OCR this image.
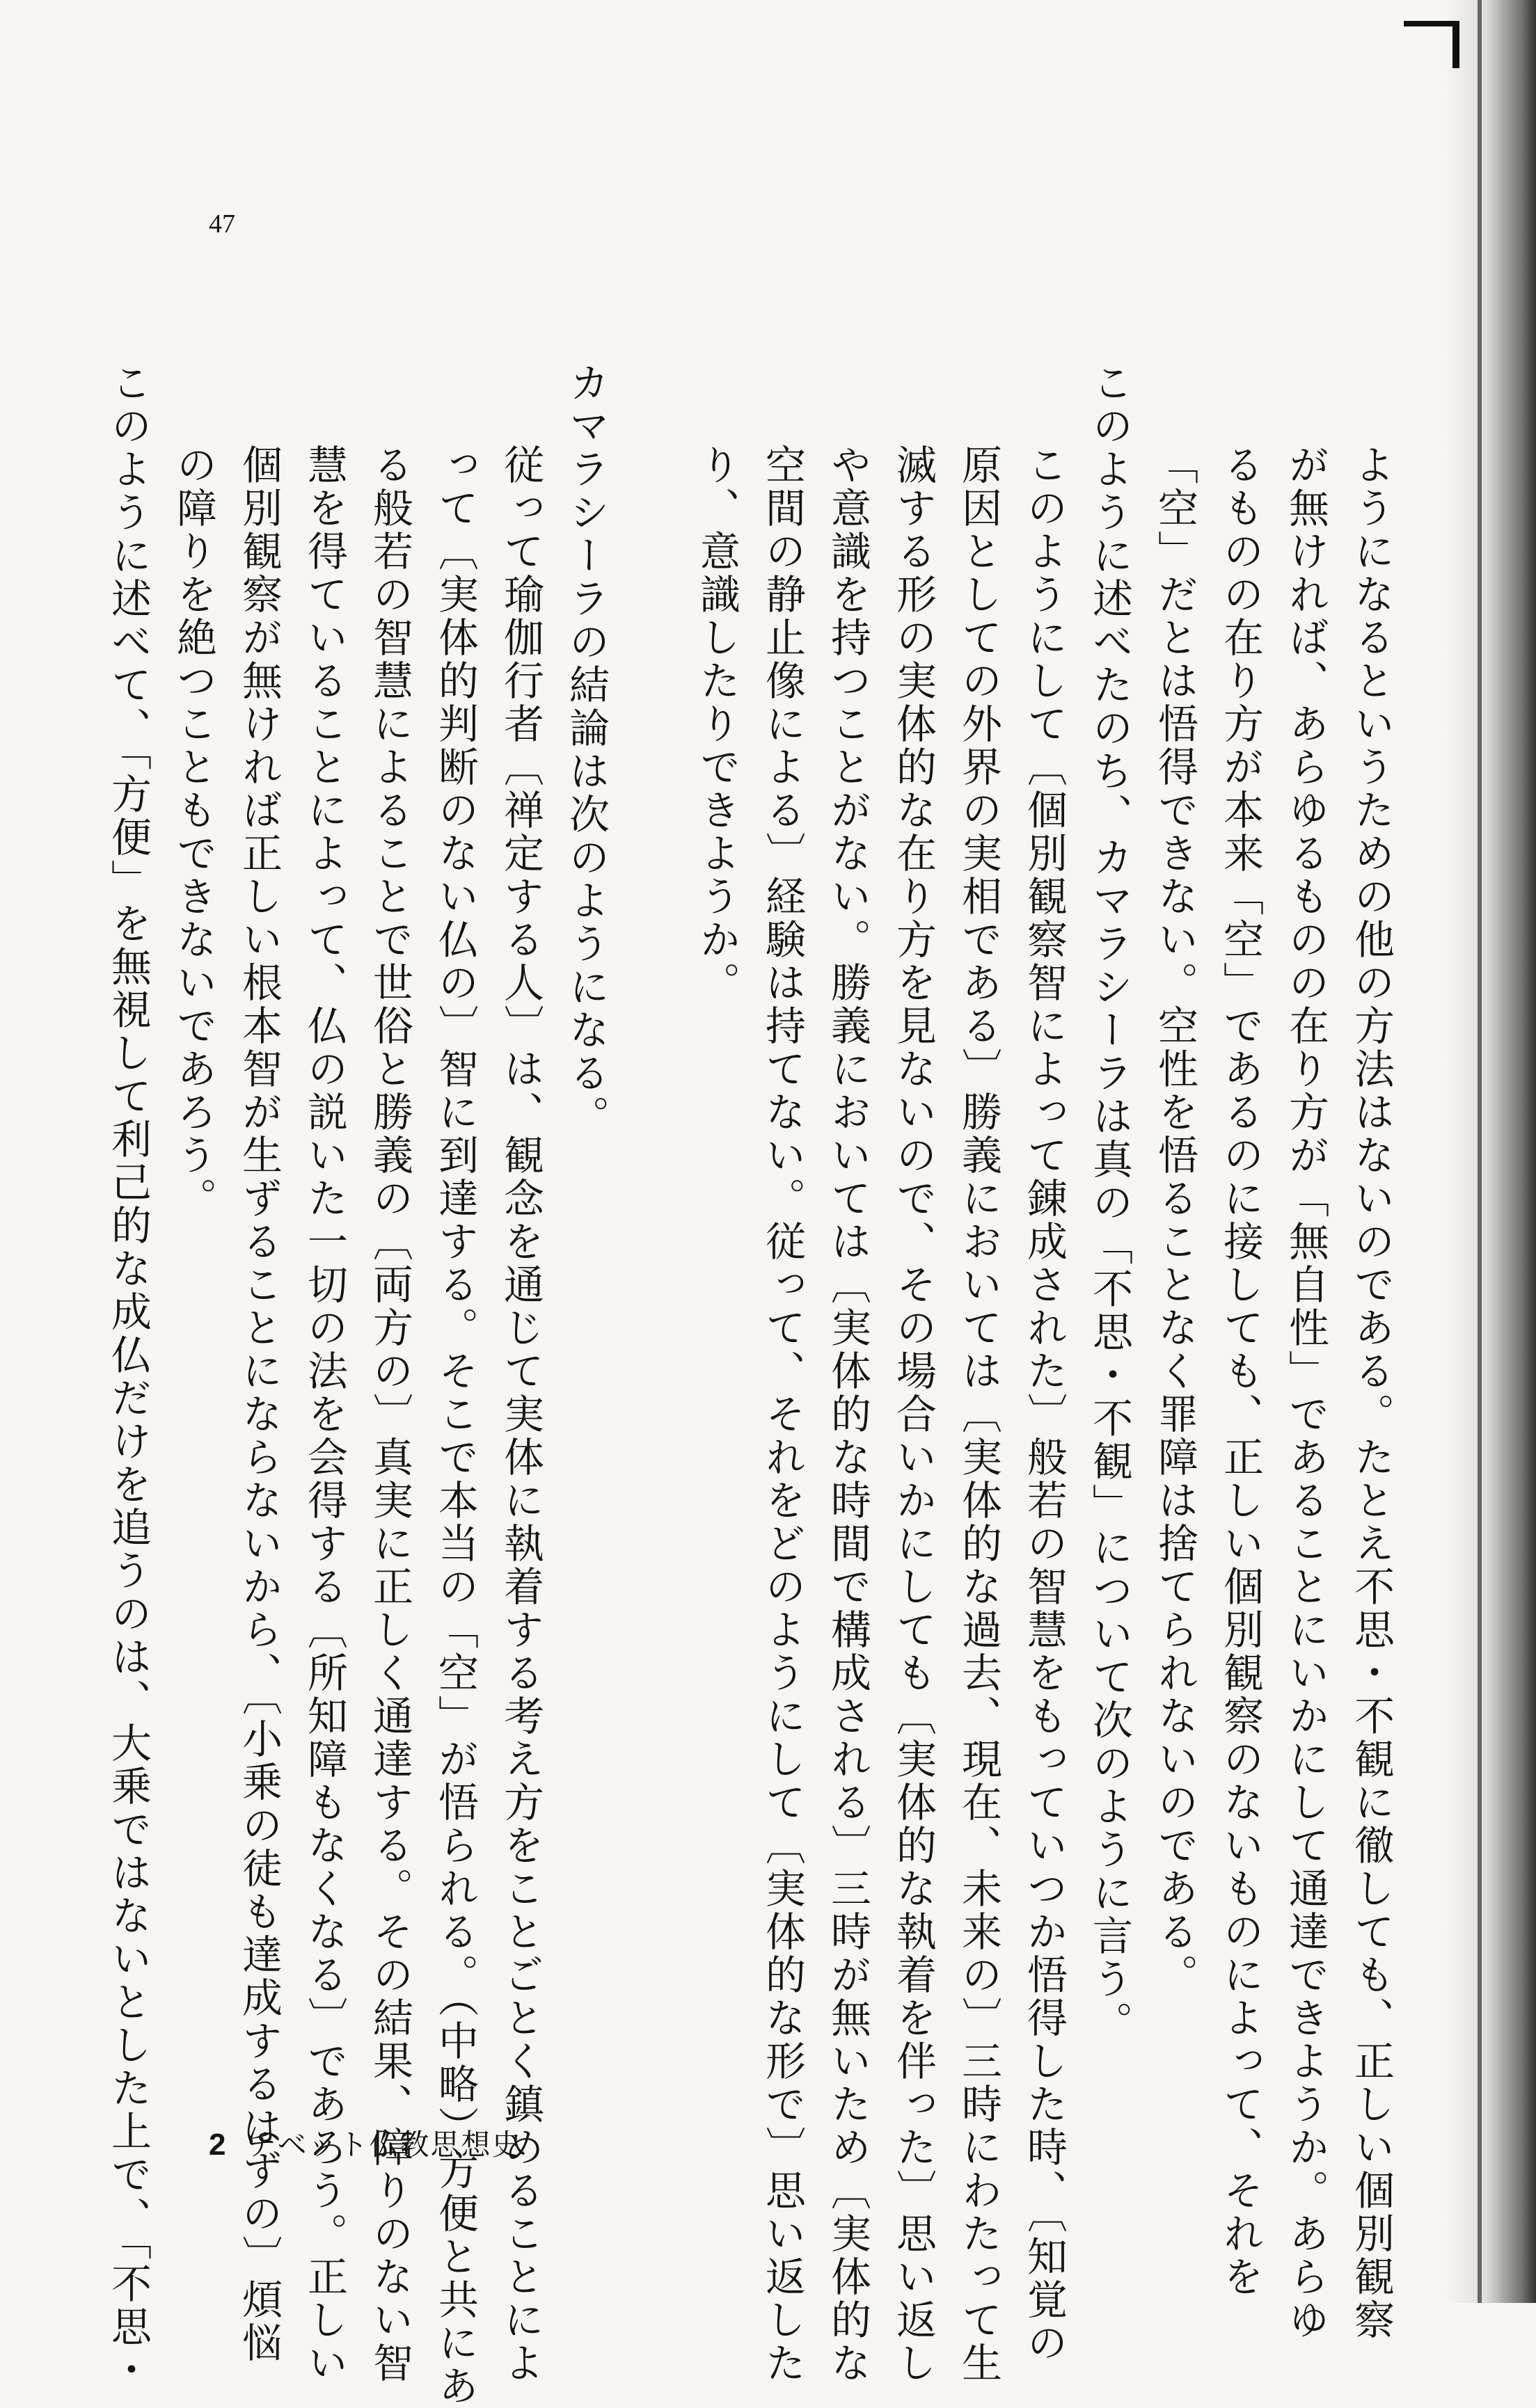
47
ようになるというための他の方法はないのである。たとえ不思・不観に徹しても、正しい個別観察
が無ければ、あらゆるものの在り方が「無自性」であることにいかにして通達できようか。あらゆ
るものの在り方が本来「空」であるのに接しても、正しい個別観察のないものによって、それを
「空」だとは悟得できない。空性を悟ることなく罪障は捨てられないのである。
このように述べたのち、カマラシーラは真の「不思・不観」について次のように言う。
このようにして〔個別観察智によって錬成された〕般若の智慧をもっていつか悟得した時、〔知覚の
原因としての外界の実相である〕勝義においては〔実体的な過去、現在、未来の〕三時にわたって生
滅する形の実体的な在り方を見ないので、その場合いかにしても〔実体的な執着を伴った〕思い返し
や意識を持つことがない。勝義においては〔実体的な時間で構成される〕三時が無いため〔実体的な
空間の静止像による〕経験は持てない。従って、それをどのようにして〔実体的な形で〕思い返した
り、意識したりできようか。
カマラシーラの結論は次のようになる。
従って瑜伽行者〔禅定する人〕は、観念を通じて実体に執着する考え方をことごとく鎮めることによ
って〔実体的判断のない仏の〕智に到達する。そこで本当の「空」が悟られる。（中略）方便と共にあ
る般若の智慧によることで世俗と勝義の〔両方の〕真実に正しく通達する。その結果、障りのない智
慧を得ていることによって、仏の説いた一切の法を会得する〔所知障もなくなる〕であろう。正しい
個別観察が無ければ正しい根本智が生ずることにならないから、〔小乗の徒も達成するはずの〕煩悩
の障りを絶つこともできないであろう。
このように述べて、「方便」を無視して利己的な成仏だけを追うのは、大乗ではないとした上で、「不思・ 2 チベット仏教思想史
